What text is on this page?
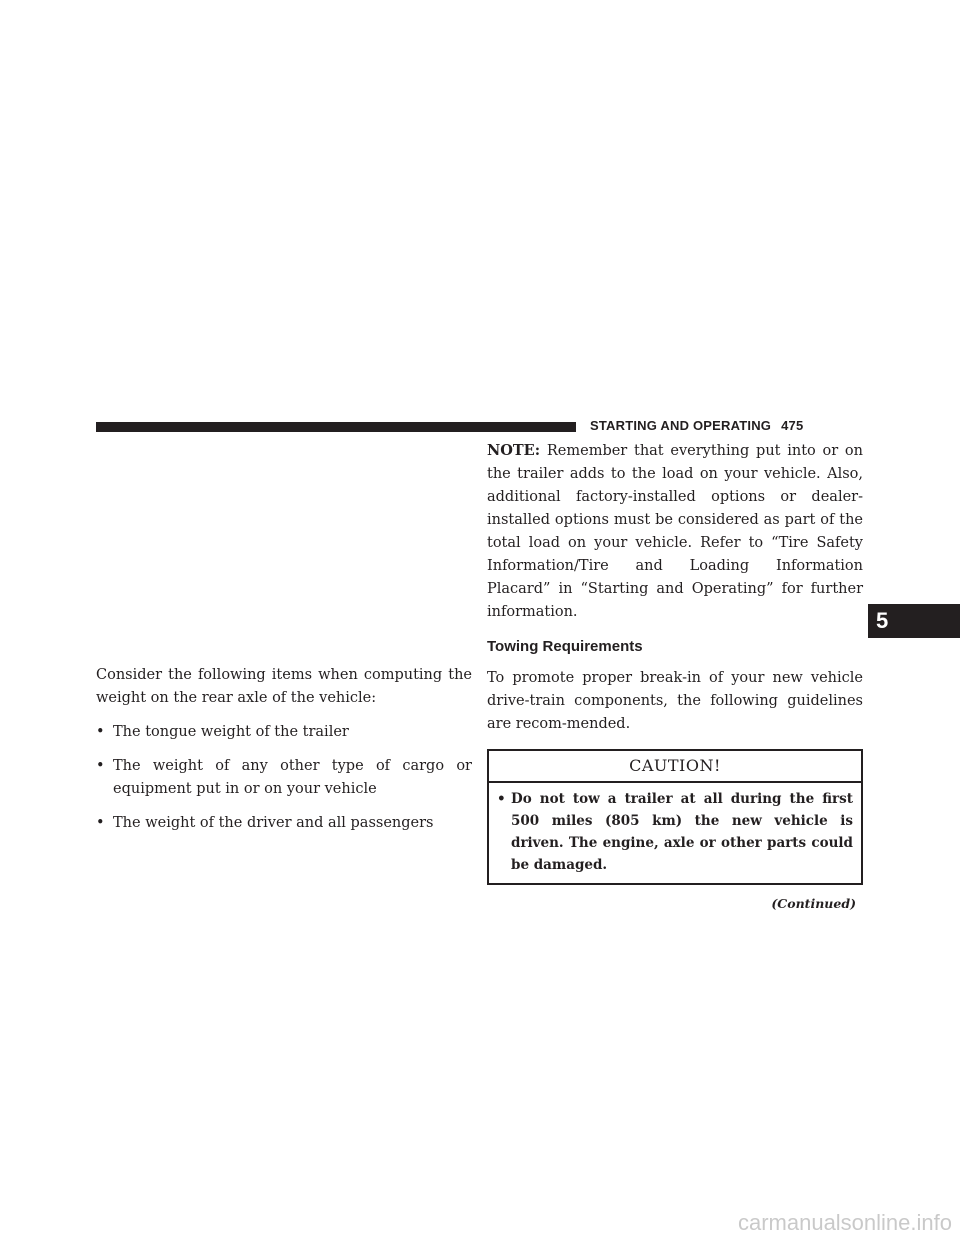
STARTING AND OPERATING 475
5

Consider the following items when computing the weight on the rear axle of the vehicle:

• The tongue weight of the trailer
• The weight of any other type of cargo or equipment put in or on your vehicle
• The weight of the driver and all passengers

NOTE: Remember that everything put into or on the trailer adds to the load on your vehicle. Also, additional factory-installed options or dealer-installed options must be considered as part of the total load on your vehicle. Refer to “Tire Safety Information/Tire and Loading Information Placard” in “Starting and Operating” for further information.

Towing Requirements

To promote proper break-in of your new vehicle drive-train components, the following guidelines are recom-mended.

CAUTION!
• Do not tow a trailer at all during the first 500 miles (805 km) the new vehicle is driven. The engine, axle or other parts could be damaged.
(Continued)
carmanualsonline.info
